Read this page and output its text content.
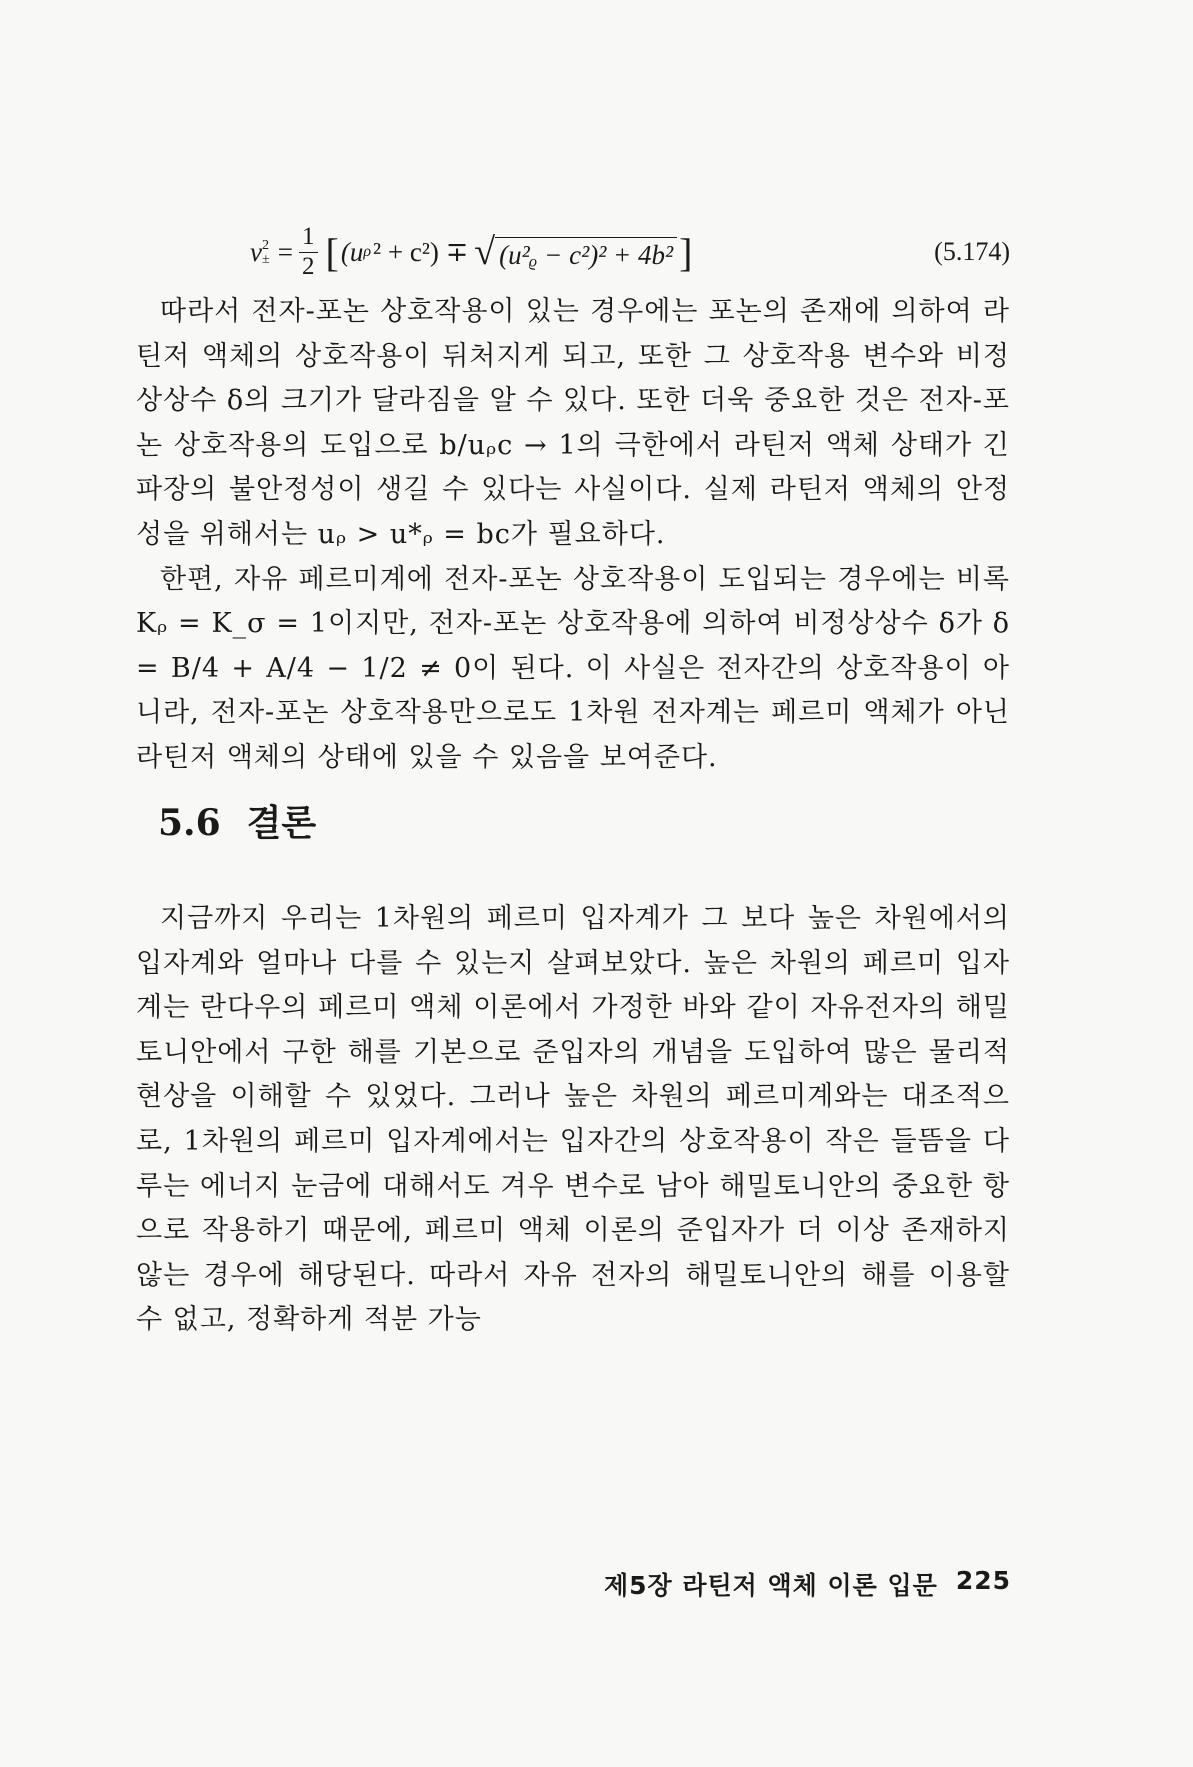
v 2
± = $\frac{1}{2}$ [ (u ρ ² + c²) ∓ √ (u²ᵨ − c²)² + 4b² ]	(5.174)

따라서 전자-포논 상호작용이 있는 경우에는 포논의 존재에 의하여 라틴저 액체의 상호작용이 뒤처지게 되고, 또한 그 상호작용 변수와 비정상상수 δ의 크기가 달라짐을 알 수 있다. 또한 더욱 중요한 것은 전자-포논 상호작용의 도입으로 b/uᵨc → 1의 극한에서 라틴저 액체 상태가 긴 파장의 불안정성이 생길 수 있다는 사실이다. 실제 라틴저 액체의 안정성을 위해서는 uᵨ > u*ᵨ = bc가 필요하다.

한편, 자유 페르미계에 전자-포논 상호작용이 도입되는 경우에는 비록 Kᵨ = K_σ = 1이지만, 전자-포논 상호작용에 의하여 비정상상수 δ가 δ = B/4 + A/4 − 1/2 ≠ 0이 된다. 이 사실은 전자간의 상호작용이 아니라, 전자-포논 상호작용만으로도 1차원 전자계는 페르미 액체가 아닌 라틴저 액체의 상태에 있을 수 있음을 보여준다.

5.6 결론

지금까지 우리는 1차원의 페르미 입자계가 그 보다 높은 차원에서의 입자계와 얼마나 다를 수 있는지 살펴보았다. 높은 차원의 페르미 입자계는 란다우의 페르미 액체 이론에서 가정한 바와 같이 자유전자의 해밀토니안에서 구한 해를 기본으로 준입자의 개념을 도입하여 많은 물리적 현상을 이해할 수 있었다. 그러나 높은 차원의 페르미계와는 대조적으로, 1차원의 페르미 입자계에서는 입자간의 상호작용이 작은 들뜸을 다루는 에너지 눈금에 대해서도 겨우 변수로 남아 해밀토니안의 중요한 항으로 작용하기 때문에, 페르미 액체 이론의 준입자가 더 이상 존재하지 않는 경우에 해당된다. 따라서 자유 전자의 해밀토니안의 해를 이용할 수 없고, 정확하게 적분 가능

제5장 라틴저 액체 이론 입문 225
